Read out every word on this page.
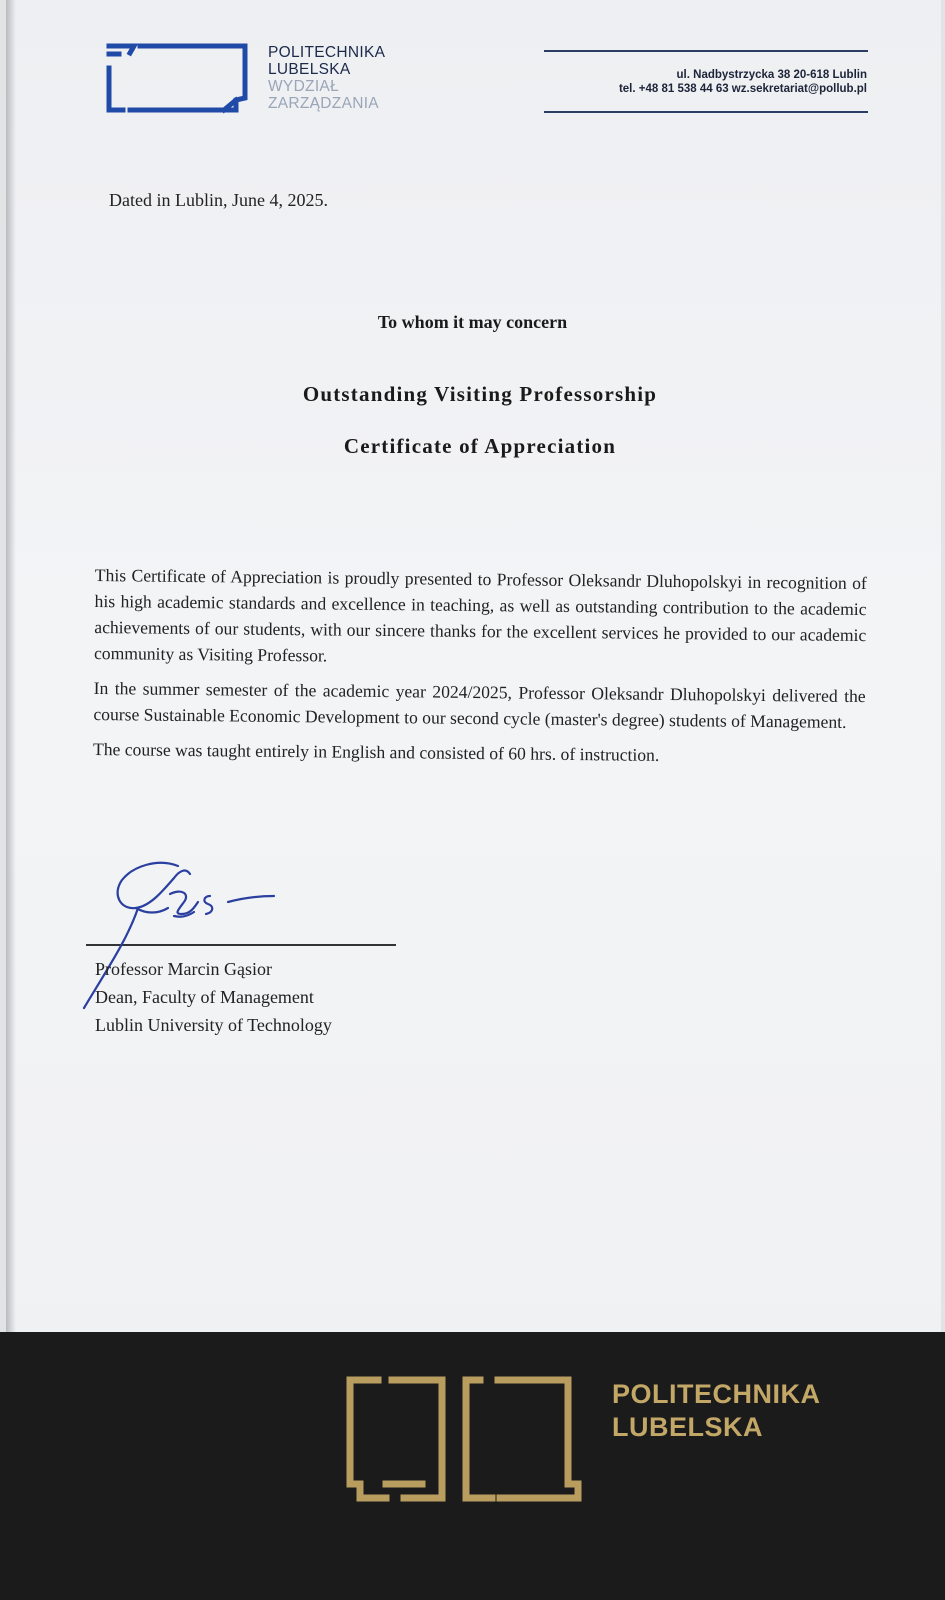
POLITECHNIKA
LUBELSKA
WYDZIAŁ
ZARZĄDZANIA
ul. Nadbystrzycka 38 20-618 Lublin
tel. +48 81 538 44 63 wz.sekretariat@pollub.pl
Dated in Lublin, June 4, 2025.
To whom it may concern
Outstanding Visiting Professorship
Certificate of Appreciation

This Certificate of Appreciation is proudly presented to Professor Oleksandr Dluhopolskyi in recognition of his high academic standards and excellence in teaching, as well as outstanding contribution to the academic achievements of our students, with our sincere thanks for the excellent services he provided to our academic community as Visiting Professor.

In the summer semester of the academic year 2024/2025, Professor Oleksandr Dluhopolskyi delivered the course Sustainable Economic Development to our second cycle (master's degree) students of Management.

The course was taught entirely in English and consisted of 60 hrs. of instruction.

Professor Marcin Gąsior
Dean, Faculty of Management
Lublin University of Technology
POLITECHNIKA
LUBELSKA
